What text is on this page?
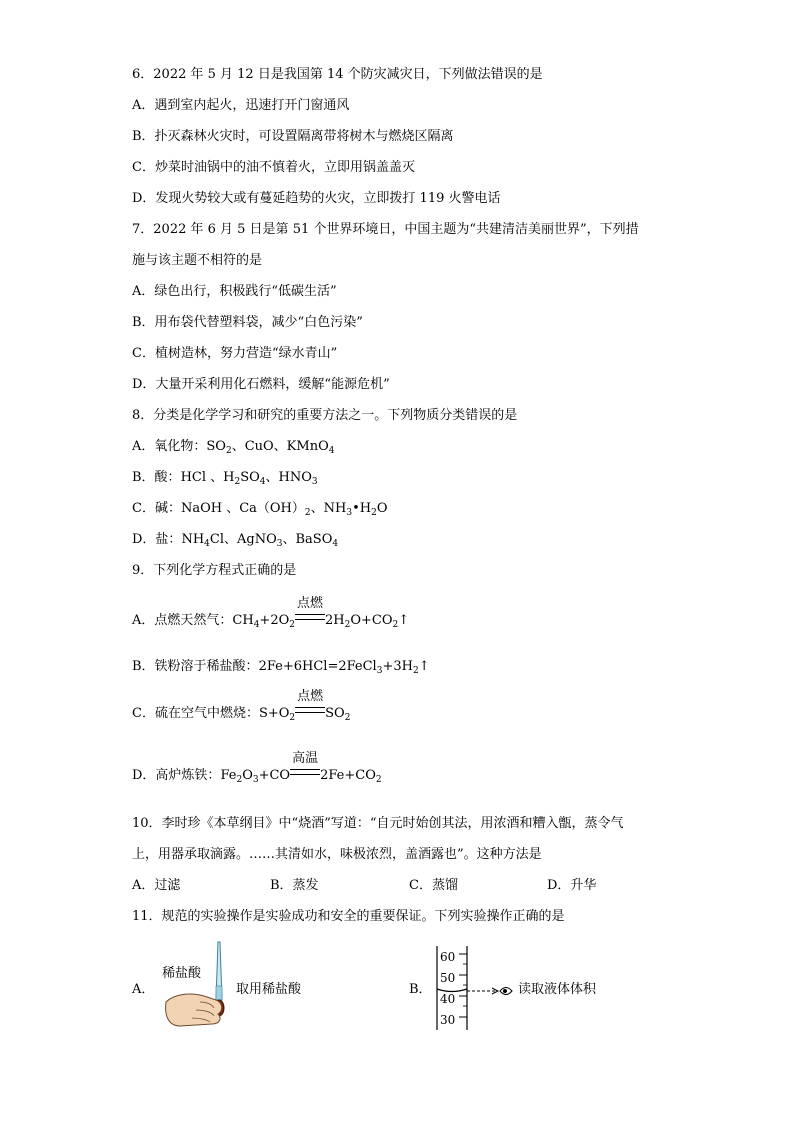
6．2022 年 5 月 12 日是我国第 14 个防灾减灾日，下列做法错误的是
A．遇到室内起火，迅速打开门窗通风
B．扑灭森林火灾时，可设置隔离带将树木与燃烧区隔离
C．炒菜时油锅中的油不慎着火，立即用锅盖盖灭
D．发现火势较大或有蔓延趋势的火灾，立即拨打 119 火警电话
7．2022 年 6 月 5 日是第 51 个世界环境日，中国主题为“共建清洁美丽世界”，下列措
施与该主题不相符的是
A．绿色出行，积极践行“低碳生活”
B．用布袋代替塑料袋，减少“白色污染”
C．植树造林，努力营造“绿水青山”
D．大量开采利用化石燃料，缓解“能源危机”
8．分类是化学学习和研究的重要方法之一。下列物质分类错误的是
A．氧化物：$SO_2$、CuO、KMnO$_4$
B．酸：HCl 、$H_2SO_4$、$HNO_3$
C．碱：NaOH 、$Ca(OH)_2$、$NH_3•H_2O$
D．盐：$NH_4Cl$、AgNO$_3$、BaSO$_4$
9．下列化学方程式正确的是
A．点燃天然气：$CH_4+2O_2$
点燃
$2H_2O+CO_2↑$
B．铁粉溶于稀盐酸：$2Fe+6HCl=2FeCl_3+3H_2↑$
C．硫在空气中燃烧：$S+O_2$
点燃
$SO_2$
D．高炉炼铁：$Fe_2O_3+CO$
高温
$2Fe+CO_2$
10．李时珍《本草纲目》中“烧酒”写道：“自元时始创其法，用浓酒和糟入甑，蒸令气
上，用器承取滴露。……其清如水，味极浓烈，盖酒露也”。这种方法是
A．过滤	B．蒸发	C．蒸馏	D．升华
11．规范的实验操作是实验成功和安全的重要保证。下列实验操作正确的是
A．
稀盐酸
取用稀盐酸	B．
60
50
40
30
读取液体体积
